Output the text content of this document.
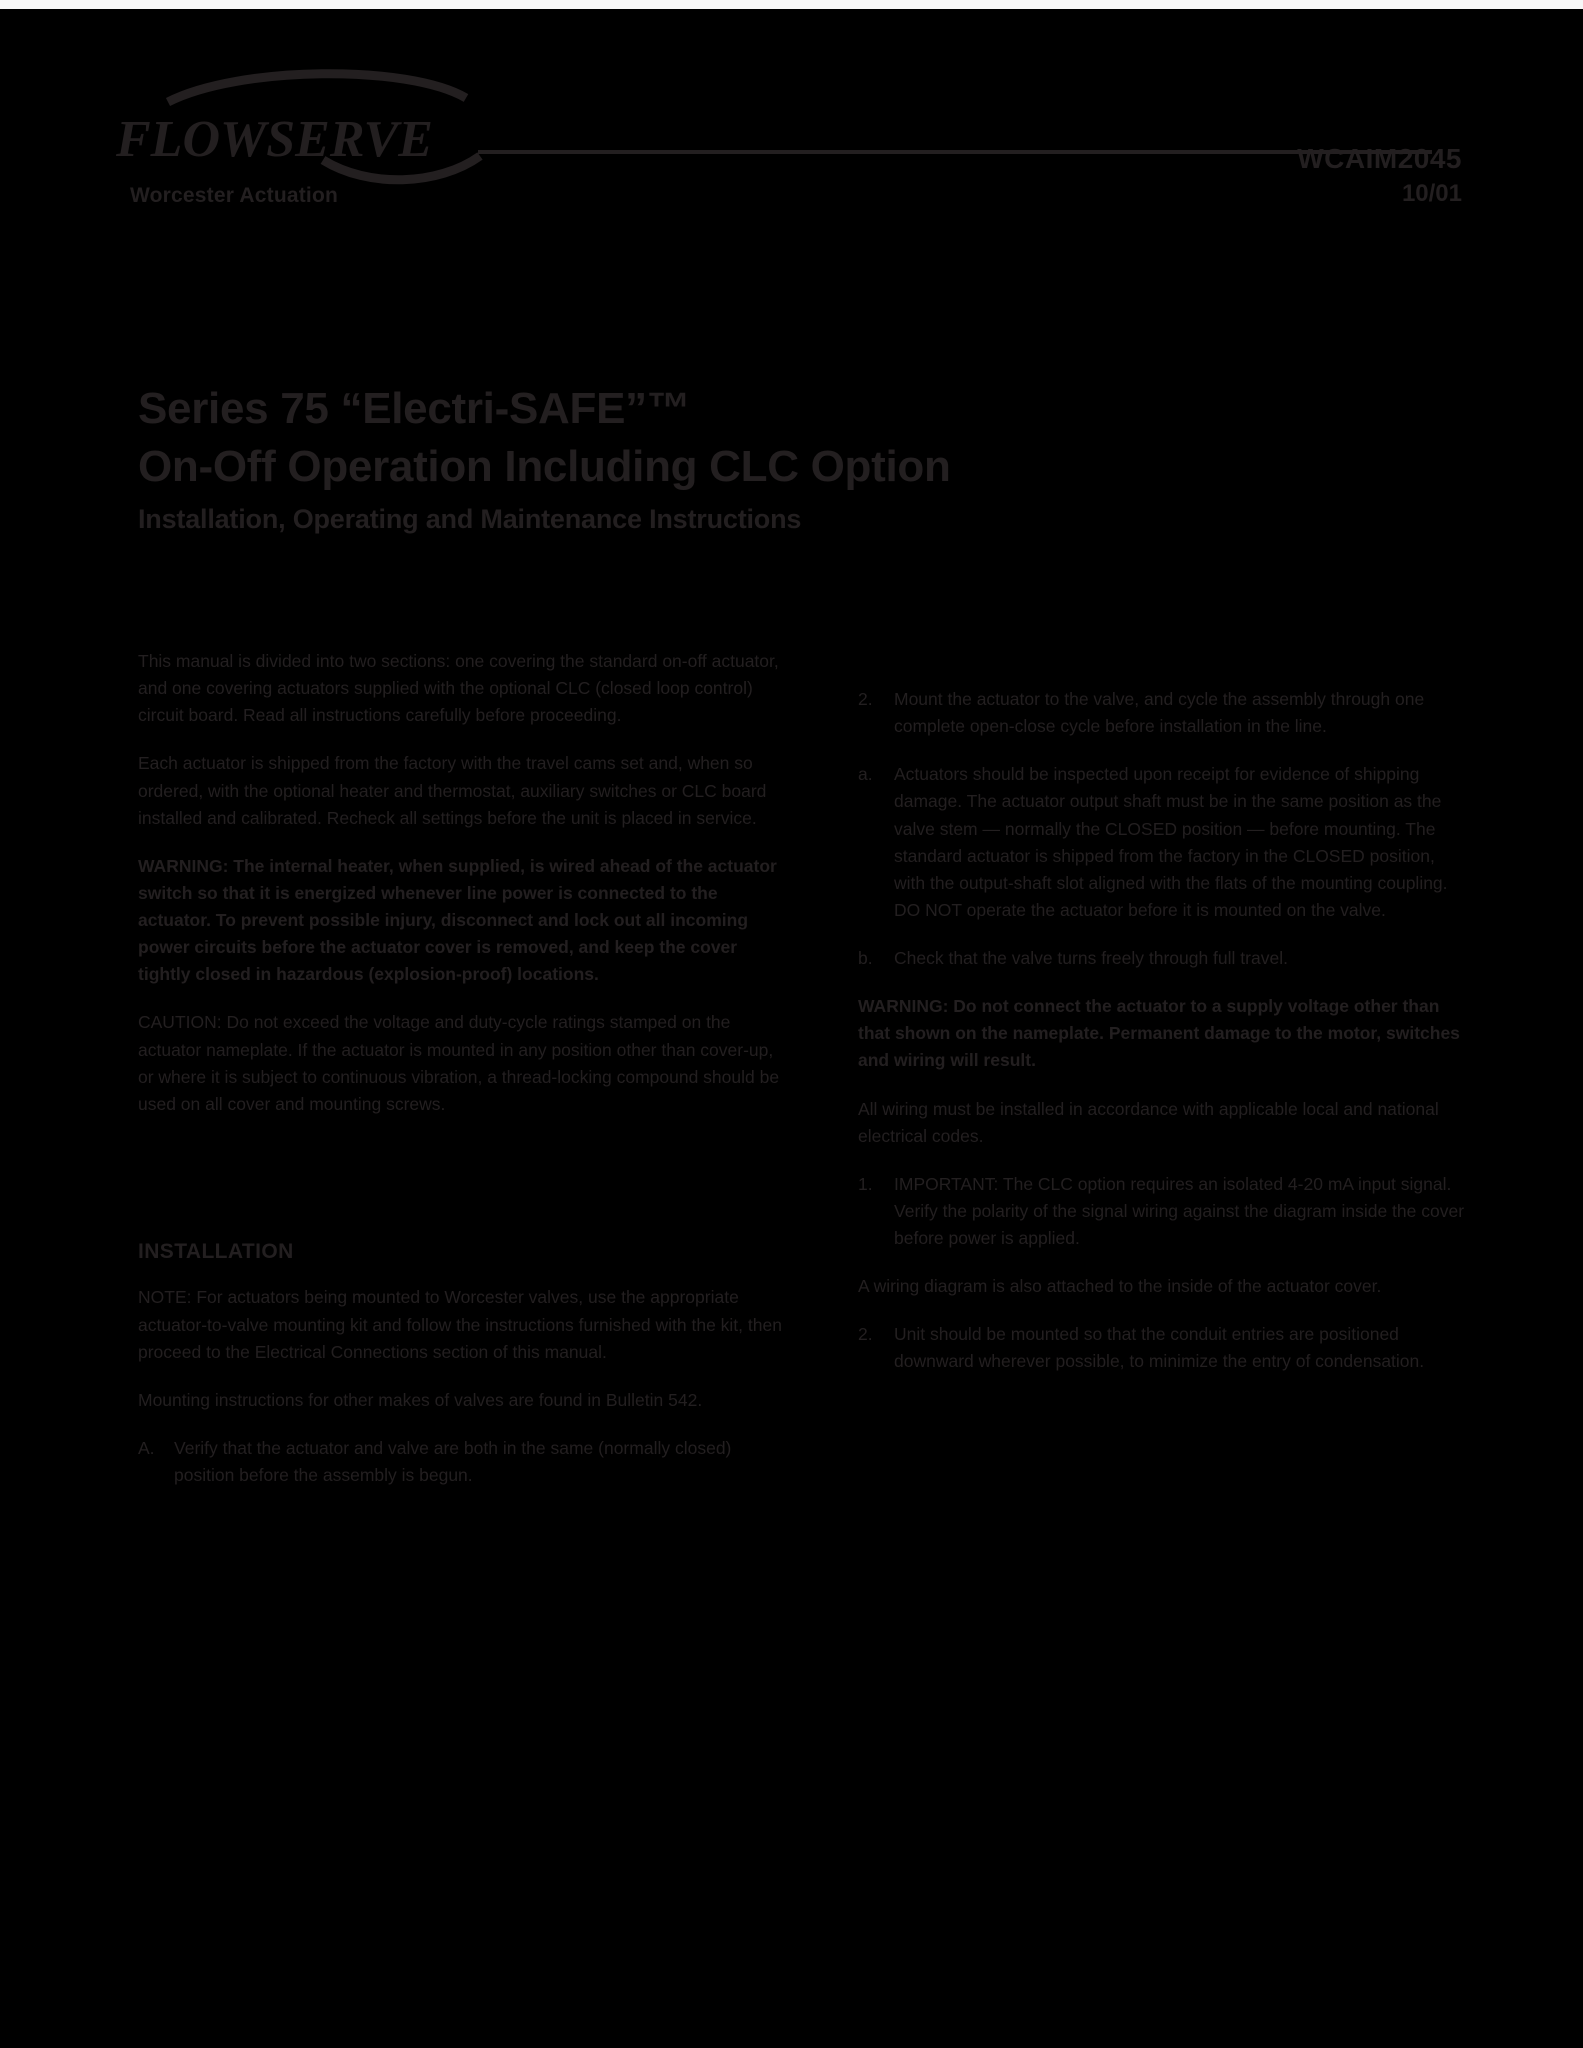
FLOWSERVE
Worcester Actuation
WCAIM2045
10/01
Series 75 “Electri-SAFE”™
On-Off Operation Including CLC Option
Installation, Operating and Maintenance Instructions
This manual is divided into two sections: one covering the standard on-off actuator, and one covering actuators supplied with the optional CLC (closed loop control) circuit board. Read all instructions carefully before proceeding.
Each actuator is shipped from the factory with the travel cams set and, when so ordered, with the optional heater and thermostat, auxiliary switches or CLC board installed and calibrated. Recheck all settings before the unit is placed in service.
WARNING: The internal heater, when supplied, is wired ahead of the actuator switch so that it is energized whenever line power is connected to the actuator. To prevent possible injury, disconnect and lock out all incoming power circuits before the actuator cover is removed, and keep the cover tightly closed in hazardous (explosion-proof) locations.
CAUTION: Do not exceed the voltage and duty-cycle ratings stamped on the actuator nameplate. If the actuator is mounted in any position other than cover-up, or where it is subject to continuous vibration, a thread-locking compound should be used on all cover and mounting screws.
INSTALLATION
NOTE: For actuators being mounted to Worcester valves, use the appropriate actuator-to-valve mounting kit and follow the instructions furnished with the kit, then proceed to the Electrical Connections section of this manual.
Mounting instructions for other makes of valves are found in Bulletin 542.
A.	Verify that the actuator and valve are both in the same (normally closed) position before the assembly is begun.
2.	Mount the actuator to the valve, and cycle the assembly through one complete open-close cycle before installation in the line.
a.	Actuators should be inspected upon receipt for evidence of shipping damage. The actuator output shaft must be in the same position as the valve stem — normally the CLOSED position — before mounting. The standard actuator is shipped from the factory in the CLOSED position, with the output-shaft slot aligned with the flats of the mounting coupling. DO NOT operate the actuator before it is mounted on the valve.
b.	Check that the valve turns freely through full travel.
WARNING: Do not connect the actuator to a supply voltage other than that shown on the nameplate. Permanent damage to the motor, switches and wiring will result.
All wiring must be installed in accordance with applicable local and national electrical codes.
1.	IMPORTANT: The CLC option requires an isolated 4-20 mA input signal. Verify the polarity of the signal wiring against the diagram inside the cover before power is applied.
A wiring diagram is also attached to the inside of the actuator cover.
2.	Unit should be mounted so that the conduit entries are positioned downward wherever possible, to minimize the entry of condensation.
